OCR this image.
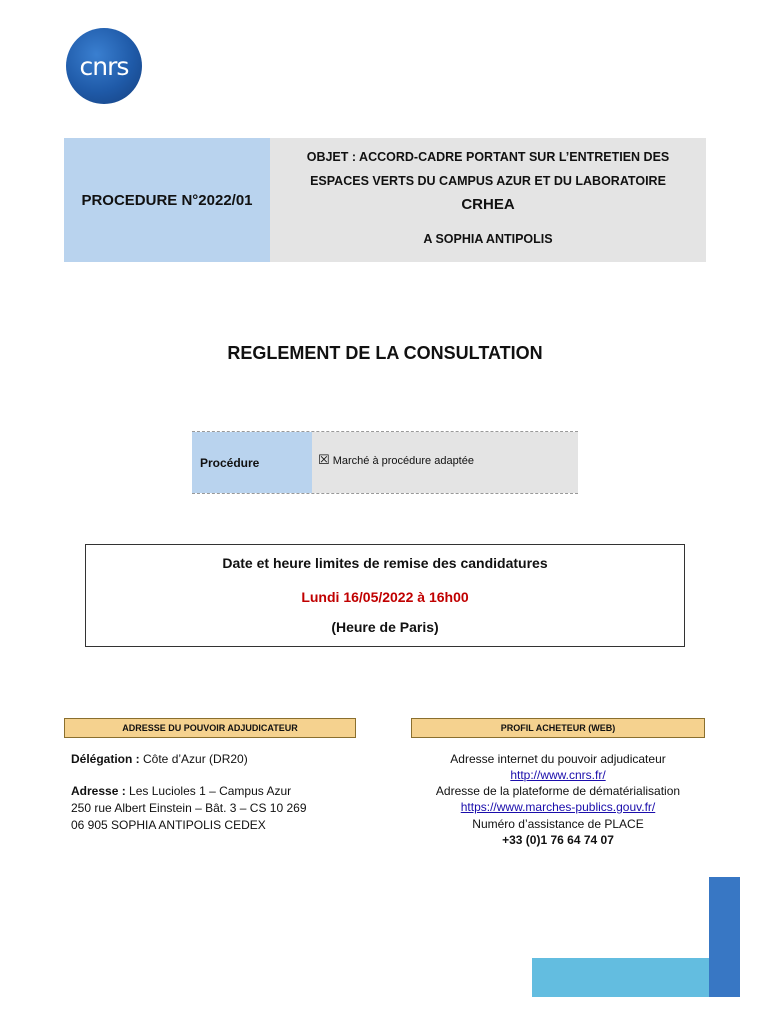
cnrs
PROCEDURE N°2022/01
OBJET : ACCORD-CADRE PORTANT SUR L’ENTRETIEN DES
ESPACES VERTS DU CAMPUS AZUR ET DU LABORATOIRE
CRHEA
A SOPHIA ANTIPOLIS
REGLEMENT DE LA CONSULTATION
Procédure	☒ Marché à procédure adaptée
Date et heure limites de remise des candidatures
Lundi 16/05/2022 à 16h00
(Heure de Paris)
ADRESSE DU POUVOIR ADJUDICATEUR
Délégation : Côte d’Azur (DR20)
Adresse : Les Lucioles 1 – Campus Azur
250 rue Albert Einstein – Bât. 3 – CS 10 269
06 905 SOPHIA ANTIPOLIS CEDEX
PROFIL ACHETEUR (WEB)
Adresse internet du pouvoir adjudicateur
http://www.cnrs.fr/
Adresse de la plateforme de dématérialisation
https://www.marches-publics.gouv.fr/
Numéro d’assistance de PLACE
+33 (0)1 76 64 74 07
